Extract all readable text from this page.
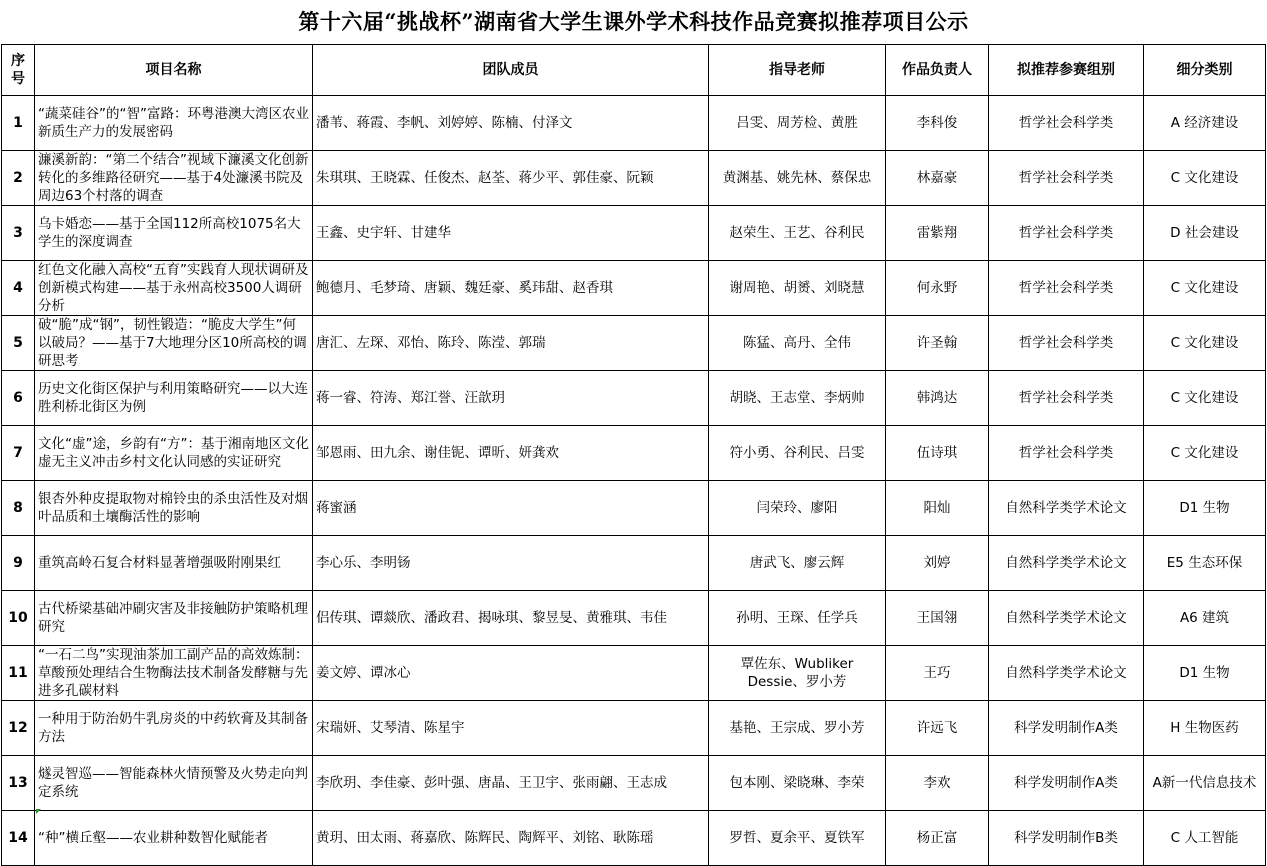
第十六届“挑战杯”湖南省大学生课外学术科技作品竞赛拟推荐项目公示
序号	项目名称	团队成员	指导老师	作品负责人	拟推荐参赛组别	细分类别
1	“蔬菜硅谷”的“智”富路：环粤港澳大湾区农业新质生产力的发展密码	潘苇、蒋霞、李帆、刘婷婷、陈楠、付泽文	吕雯、周芳检、黄胜	李科俊	哲学社会科学类	A 经济建设
2	濂溪新韵：“第二个结合”视域下濂溪文化创新转化的多维路径研究——基于4处濂溪书院及周边63个村落的调查	朱琪琪、王晓霖、任俊杰、赵荃、蒋少平、郭佳豪、阮颖	黄渊基、姚先林、蔡保忠	林嘉豪	哲学社会科学类	C 文化建设
3	乌卡婚恋——基于全国112所高校1075名大学生的深度调查	王鑫、史宇轩、甘建华	赵荣生、王艺、谷利民	雷紫翔	哲学社会科学类	D 社会建设
4	红色文化融入高校“五育”实践育人现状调研及创新模式构建——基于永州高校3500人调研分析	鲍德月、毛梦琦、唐颖、魏廷豪、奚玮甜、赵香琪	谢周艳、胡赟、刘晓慧	何永野	哲学社会科学类	C 文化建设
5	破“脆”成“钢”，韧性锻造：“脆皮大学生”何以破局？——基于7大地理分区10所高校的调研思考	唐汇、左琛、邓怡、陈玲、陈滢、郭瑞	陈猛、高丹、全伟	许圣翰	哲学社会科学类	C 文化建设
6	历史文化街区保护与利用策略研究——以大连胜利桥北街区为例	蒋一睿、符涛、郑江誉、汪歆玥	胡晓、王志堂、李炳帅	韩鸿达	哲学社会科学类	C 文化建设
7	文化“虚”途，乡韵有“方”：基于湘南地区文化虚无主义冲击乡村文化认同感的实证研究	邹恩雨、田九余、谢佳铌、谭昕、妍龚欢	符小勇、谷利民、吕雯	伍诗琪	哲学社会科学类	C 文化建设
8	银杏外种皮提取物对棉铃虫的杀虫活性及对烟叶品质和土壤酶活性的影响	蒋蜜涵	闫荣玲、廖阳	阳灿	自然科学类学术论文	D1 生物
9	重筑高岭石复合材料显著增强吸附刚果红	李心乐、李明钖	唐武飞、廖云辉	刘婷	自然科学类学术论文	E5 生态环保
10	古代桥梁基础冲刷灾害及非接触防护策略机理研究	侣传琪、谭燚欣、潘政君、揭咏琪、黎昱旻、黄雅琪、韦佳	孙明、王琛、任学兵	王国翎	自然科学类学术论文	A6 建筑
11	“一石二鸟”实现油茶加工副产品的高效炼制：草酸预处理结合生物酶法技术制备发酵糖与先进多孔碳材料	姜文婷、谭冰心	覃佐东、Wubliker Dessie、罗小芳	王巧	自然科学类学术论文	D1 生物
12	一种用于防治奶牛乳房炎的中药软膏及其制备方法	宋瑞妍、艾琴清、陈星宇	基艳、王宗成、罗小芳	许远飞	科学发明制作A类	H 生物医药
13	燧灵智巡——智能森林火情预警及火势走向判定系统	李欣玥、李佳豪、彭叶强、唐晶、王卫宇、张雨翩、王志成	包本刚、梁晓琳、李荣	李欢	科学发明制作A类	A新一代信息技术
14	“种”横丘壑——农业耕种数智化赋能者	黄玥、田太雨、蒋嘉欣、陈辉民、陶辉平、刘铭、耿陈瑶	罗哲、夏余平、夏铁军	杨正富	科学发明制作B类	C 人工智能
